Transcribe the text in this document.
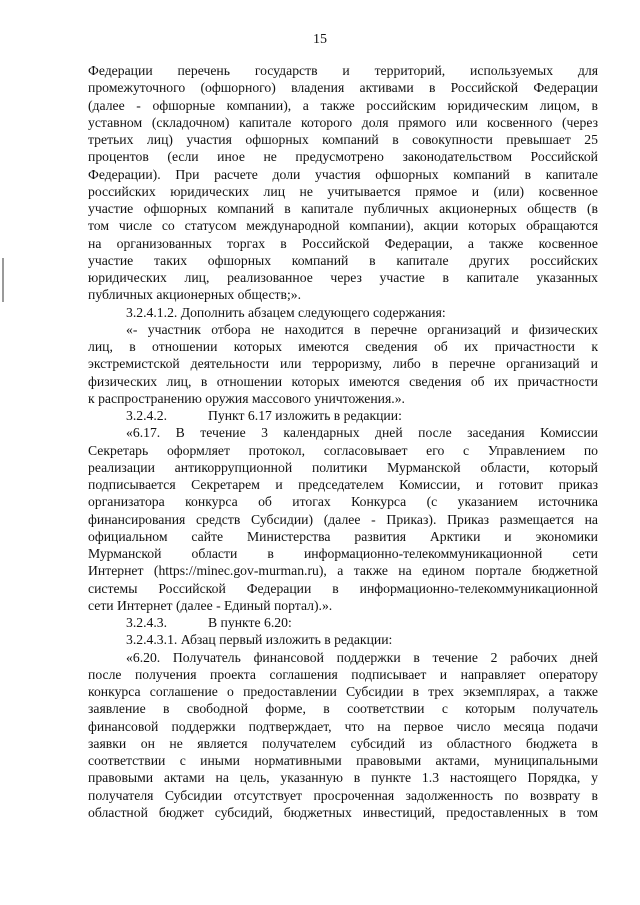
15
Федерации перечень государств и территорий, используемых для
промежуточного (офшорного) владения активами в Российской Федерации
(далее - офшорные компании), а также российским юридическим лицом, в
уставном (складочном) капитале которого доля прямого или косвенного (через
третьих лиц) участия офшорных компаний в совокупности превышает 25
процентов (если иное не предусмотрено законодательством Российской
Федерации). При расчете доли участия офшорных компаний в капитале
российских юридических лиц не учитывается прямое и (или) косвенное
участие офшорных компаний в капитале публичных акционерных обществ (в
том числе со статусом международной компании), акции которых обращаются
на организованных торгах в Российской Федерации, а также косвенное
участие таких офшорных компаний в капитале других российских
юридических лиц, реализованное через участие в капитале указанных
публичных акционерных обществ;».
3.2.4.1.2. Дополнить абзацем следующего содержания:
«- участник отбора не находится в перечне организаций и физических
лиц, в отношении которых имеются сведения об их причастности к
экстремистской деятельности или терроризму, либо в перечне организаций и
физических лиц, в отношении которых имеются сведения об их причастности
к распространению оружия массового уничтожения.».
3.2.4.2.	Пункт 6.17 изложить в редакции:
«6.17. В течение 3 календарных дней после заседания Комиссии
Секретарь оформляет протокол, согласовывает его с Управлением по
реализации антикоррупционной политики Мурманской области, который
подписывается Секретарем и председателем Комиссии, и готовит приказ
организатора конкурса об итогах Конкурса (с указанием источника
финансирования средств Субсидии) (далее - Приказ). Приказ размещается на
официальном сайте Министерства развития Арктики и экономики
Мурманской области в информационно-телекоммуникационной сети
Интернет (https://minec.gov-murman.ru), а также на едином портале бюджетной
системы Российской Федерации в информационно-телекоммуникационной
сети Интернет (далее - Единый портал).».
3.2.4.3.	В пункте 6.20:
3.2.4.3.1. Абзац первый изложить в редакции:
«6.20. Получатель финансовой поддержки в течение 2 рабочих дней
после получения проекта соглашения подписывает и направляет оператору
конкурса соглашение о предоставлении Субсидии в трех экземплярах, а также
заявление в свободной форме, в соответствии с которым получатель
финансовой поддержки подтверждает, что на первое число месяца подачи
заявки он не является получателем субсидий из областного бюджета в
соответствии с иными нормативными правовыми актами, муниципальными
правовыми актами на цель, указанную в пункте 1.3 настоящего Порядка, у
получателя Субсидии отсутствует просроченная задолженность по возврату в
областной бюджет субсидий, бюджетных инвестиций, предоставленных в том
